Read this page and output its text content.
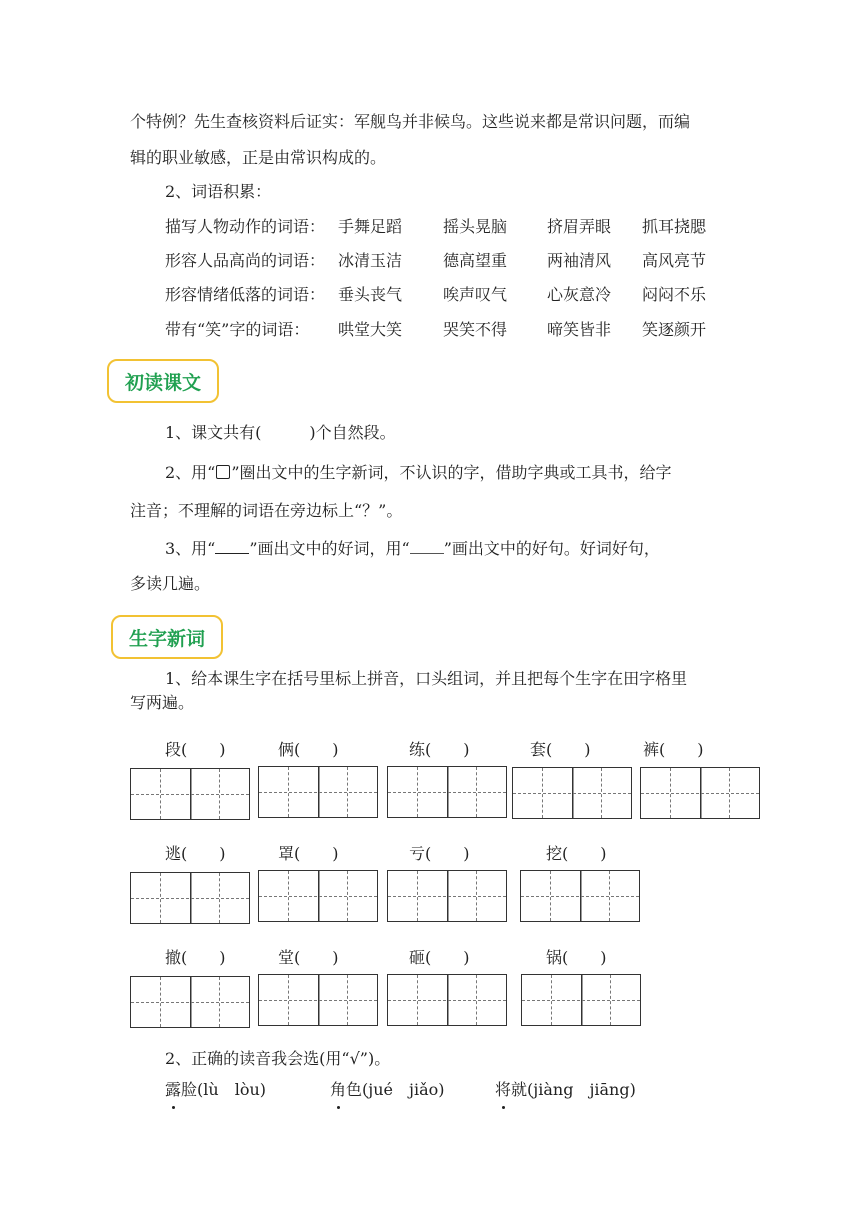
个特例？先生查核资料后证实：军舰鸟并非候鸟。这些说来都是常识问题，而编
辑的职业敏感，正是由常识构成的。
2、词语积累：
描写人物动作的词语： 手舞足蹈	摇头晃脑 挤眉弄眼 抓耳挠腮
形容人品高尚的词语： 冰清玉洁	德高望重 两袖清风 高风亮节
形容情绪低落的词语： 垂头丧气	唉声叹气 心灰意冷 闷闷不乐
带有“笑”字的词语： 哄堂大笑	哭笑不得 啼笑皆非 笑逐颜开
初读课文
1、课文共有(　　　)个自然段。
2、用“ ”圈出文中的生字新词，不认识的字，借助字典或工具书，给字
注音；不理解的词语在旁边标上“？”。
3、用“ ”画出文中的好词，用“ ”画出文中的好句。好词好句，
多读几遍。
生字新词
1、给本课生字在括号里标上拼音，口头组词，并且把每个生字在田字格里
写两遍。
段(　　)	俩(　　)	练(　　)	套(　　)	裤(　　)
逃(　　)	罩(　　)	亏(　　)	挖(　　)
撤(　　)	堂(　　)	砸(　　)	锅(　　)
2、正确的读音我会选(用“√”)。
露脸(lù　lòu)	角色(jué　jiǎo)	将就(jiàng　jiāng)
